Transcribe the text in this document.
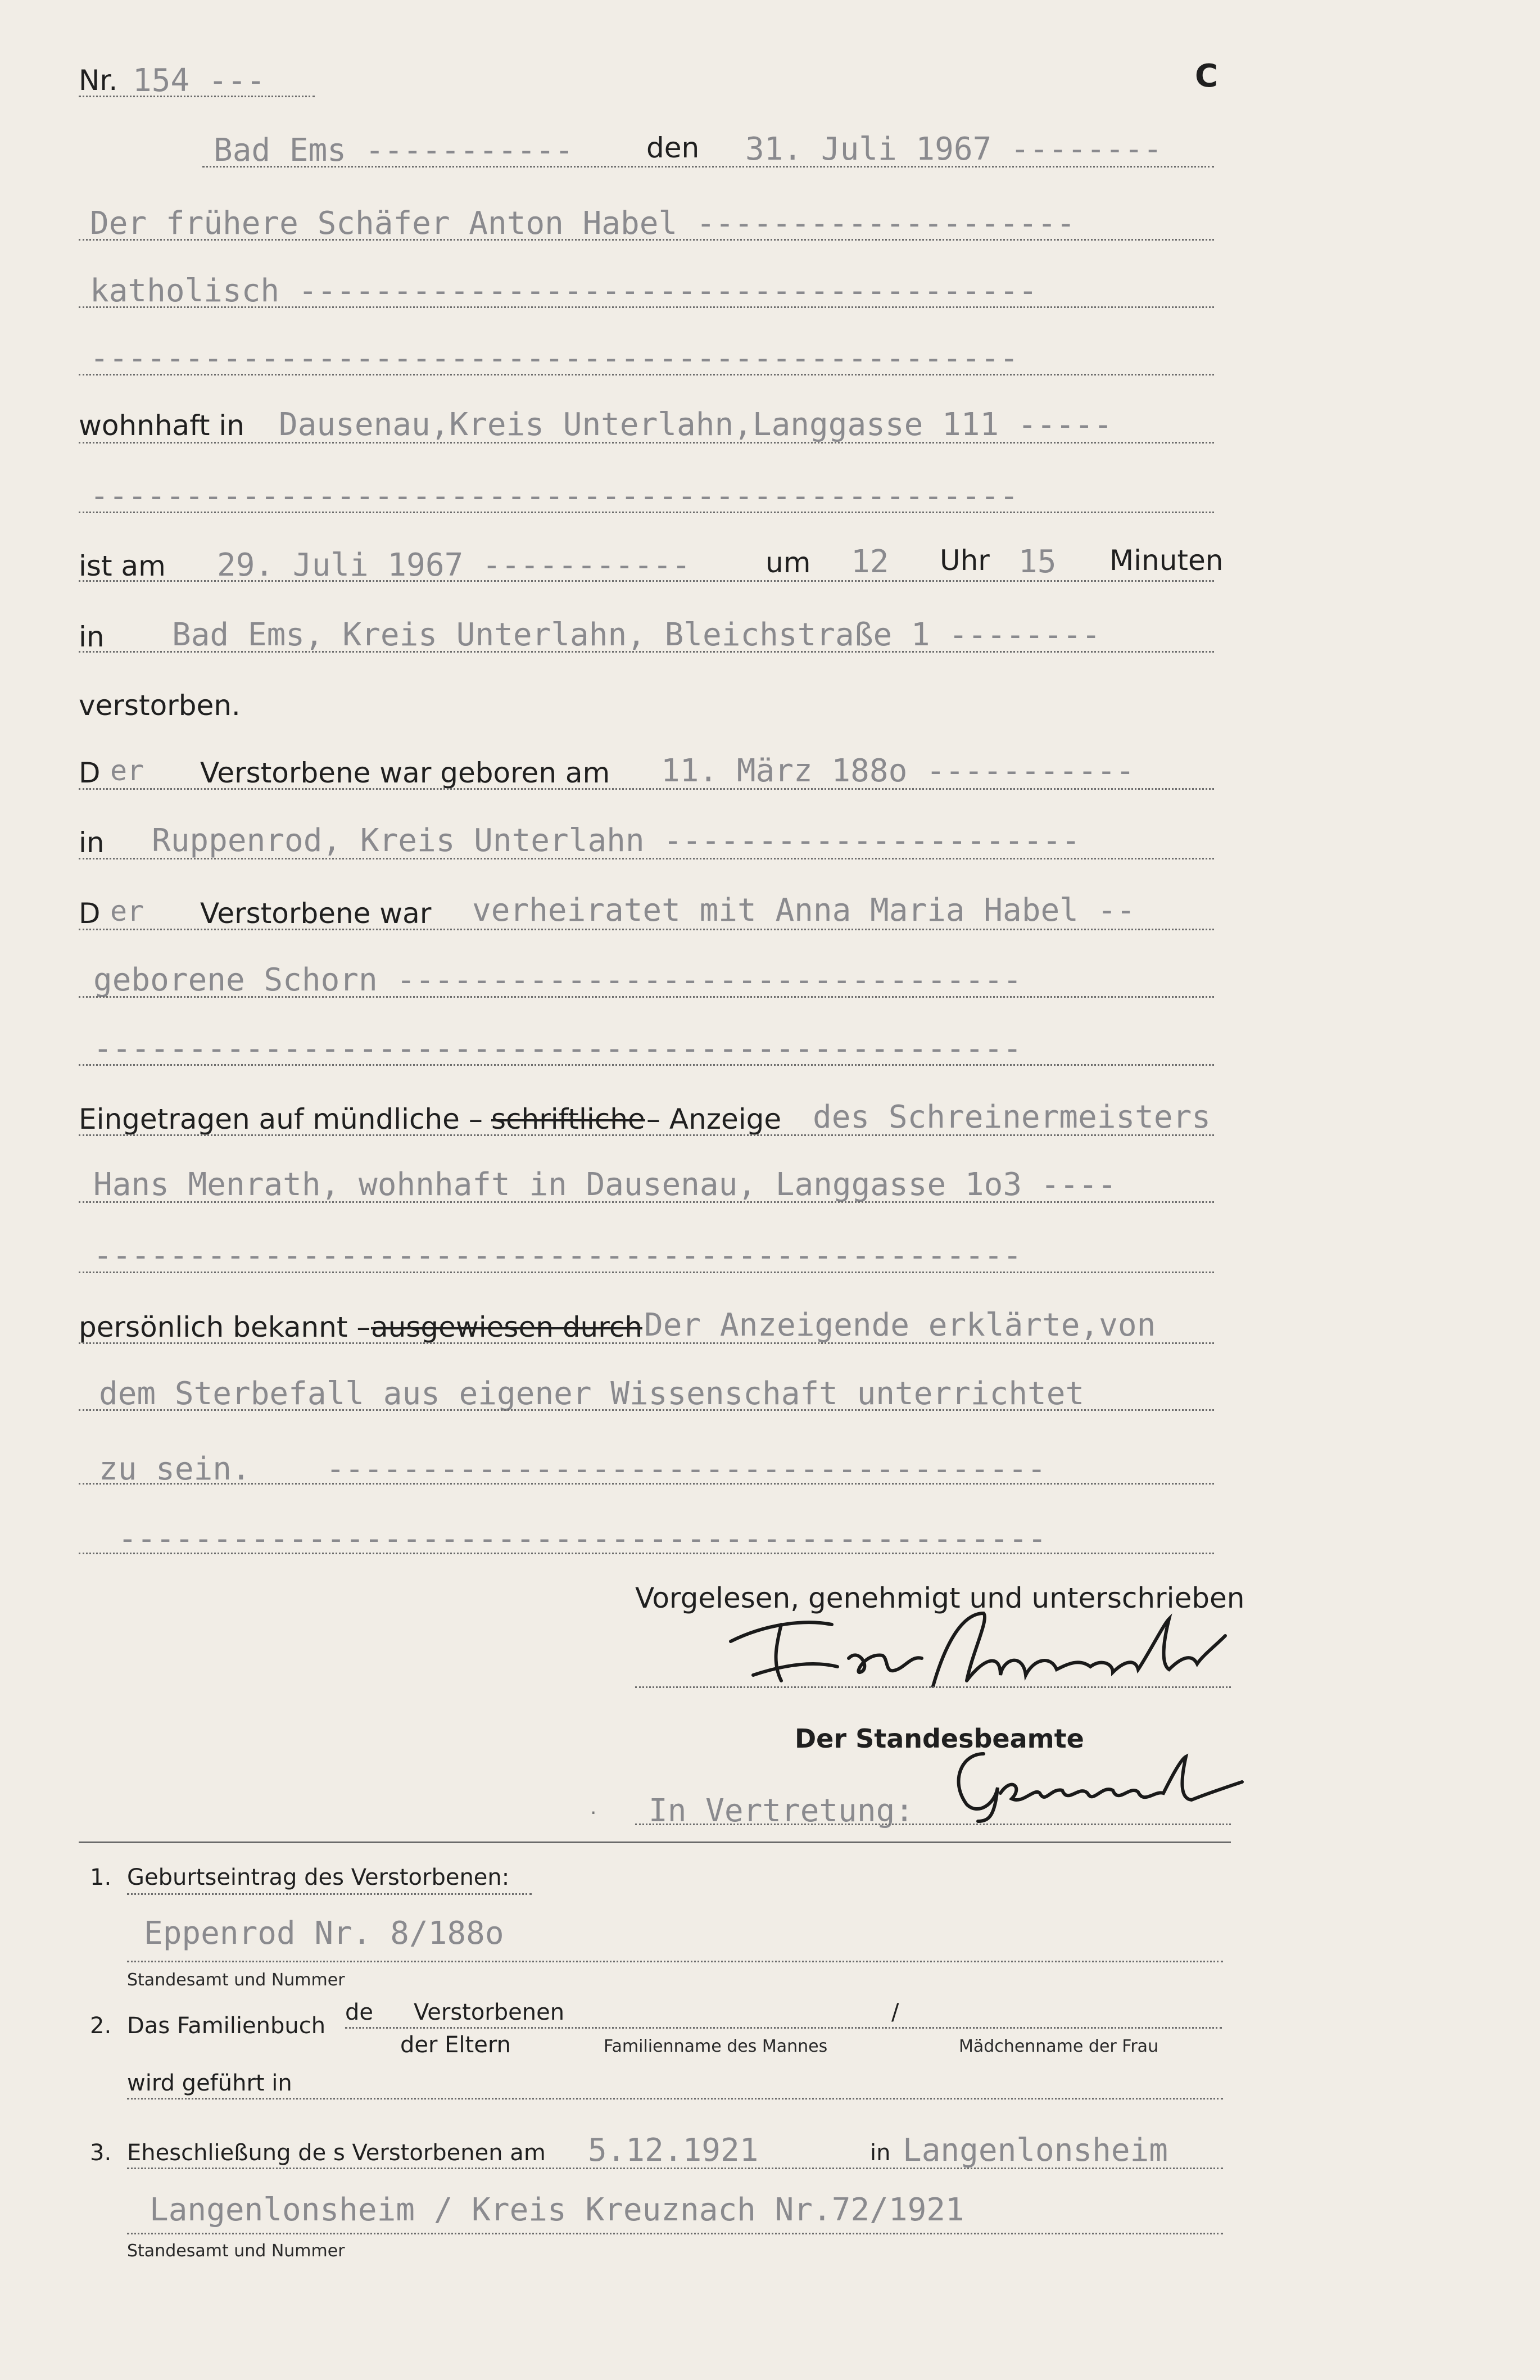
Nr. 154 ---	C
Bad Ems -----------	den 31. Juli 1967 --------
Der frühere Schäfer Anton Habel --------------------
katholisch ---------------------------------------
-------------------------------------------------
wohnhaft in Dausenau,Kreis Unterlahn,Langgasse 111 -----
-------------------------------------------------
ist am 29. Juli 1967 -----------	um 12 Uhr 15 Minuten
in Bad Ems, Kreis Unterlahn, Bleichstraße 1 --------
verstorben.
D er Verstorbene war geboren am 11. März 188o -----------
in Ruppenrod, Kreis Unterlahn ----------------------
D er Verstorbene war verheiratet mit Anna Maria Habel --
geborene Schorn ---------------------------------
-------------------------------------------------
Eingetragen auf mündliche – schriftliche – Anzeige des Schreinermeisters
Hans Menrath, wohnhaft in Dausenau, Langgasse 1o3 ----
-------------------------------------------------
persönlich bekannt – ausgewiesen durch Der Anzeigende erklärte,von
dem Sterbefall aus eigener Wissenschaft unterrichtet
zu sein. --------------------------------------
-------------------------------------------------
Vorgelesen, genehmigt und unterschrieben
Der Standesbeamte
· In Vertretung:
1. Geburtseintrag des Verstorbenen:
Eppenrod Nr. 8/188o
Standesamt und Nummer
2. Das Familienbuch
de Verstorbenen	/
der Eltern	Familienname des Mannes	Mädchenname der Frau
wird geführt in
3. Eheschließung de s Verstorbenen am 5.12.1921	in Langenlonsheim
Langenlonsheim / Kreis Kreuznach Nr.72/1921
Standesamt und Nummer
